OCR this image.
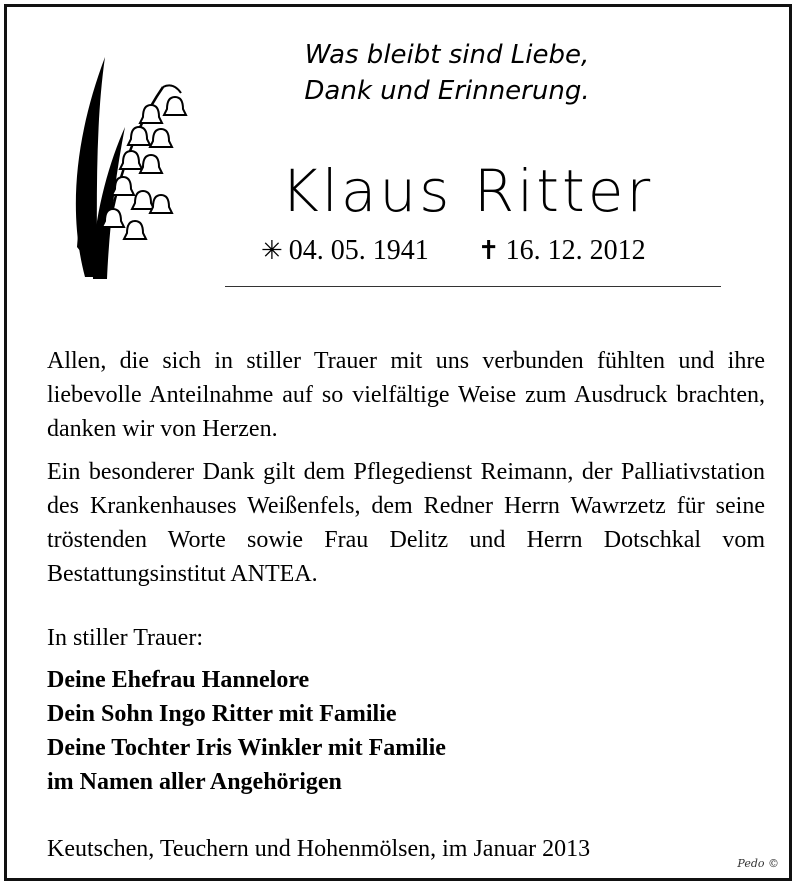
Was bleibt sind Liebe,
Dank und Erinnerung.
Klaus Ritter
✳ 04. 05. 1941 ✝ 16. 12. 2012
Allen, die sich in stiller Trauer mit uns verbunden fühlten und ihre liebevolle Anteilnahme auf so vielfältige Weise zum Ausdruck brachten, danken wir von Herzen.
Ein besonderer Dank gilt dem Pflegedienst Reimann, der Palliativstation des Krankenhauses Weißenfels, dem Redner Herrn Wawrzetz für seine tröstenden Worte sowie Frau Delitz und Herrn Dotschkal vom Bestattungsinstitut ANTEA.
In stiller Trauer:
Deine Ehefrau Hannelore
Dein Sohn Ingo Ritter mit Familie
Deine Tochter Iris Winkler mit Familie
im Namen aller Angehörigen
Keutschen, Teuchern und Hohenmölsen, im Januar 2013
Pedo ©
